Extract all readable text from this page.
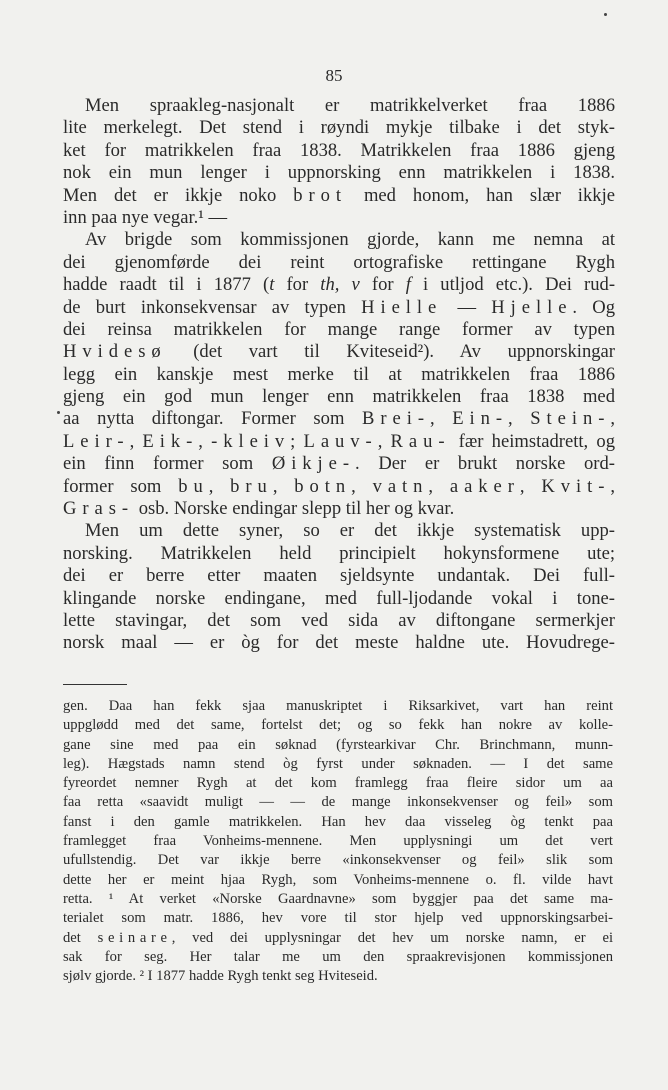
85
Men spraakleg-nasjonalt er matrikkelverket fraa 1886
lite merkelegt. Det stend i røyndi mykje tilbake i det styk-
ket for matrikkelen fraa 1838. Matrikkelen fraa 1886 gjeng
nok ein mun lenger i uppnorsking enn matrikkelen i 1838.
Men det er ikkje noko brot med honom, han slær ikkje
inn paa nye vegar.¹ —
Av brigde som kommissjonen gjorde, kann me nemna at
dei gjenomførde dei reint ortografiske rettingane Rygh
hadde raadt til i 1877 (t for th, v for f i utljod etc.). Dei rud-
de burt inkonsekvensar av typen Hielle — Hjelle. Og
dei reinsa matrikkelen for mange range former av typen
Hvidesø (det vart til Kviteseid²). Av uppnorskingar
legg ein kanskje mest merke til at matrikkelen fraa 1886
gjeng ein god mun lenger enn matrikkelen fraa 1838 med
aa nytta diftongar. Former som Brei-, Ein-, Stein-,
Leir-, Eik-, -kleiv; Lauv-, Rau- fær heimstadrett, og
ein finn former som Øikje-. Der er brukt norske ord-
former som bu, bru, botn, vatn, aaker, Kvit-,
Gras- osb. Norske endingar slepp til her og kvar.
Men um dette syner, so er det ikkje systematisk upp-
norsking. Matrikkelen held principielt hokynsformene ute;
dei er berre etter maaten sjeldsynte undantak. Dei full-
klingande norske endingane, med full-ljodande vokal i tone-
lette stavingar, det som ved sida av diftongane sermerkjer
norsk maal — er òg for det meste haldne ute. Hovudrege-
gen. Daa han fekk sjaa manuskriptet i Riksarkivet, vart han reint
uppglødd med det same, fortelst det; og so fekk han nokre av kolle-
gane sine med paa ein søknad (fyrstearkivar Chr. Brinchmann, munn-
leg). Hægstads namn stend òg fyrst under søknaden. — I det same
fyreordet nemner Rygh at det kom framlegg fraa fleire sidor um aa
faa retta «saavidt muligt — — de mange inkonsekvenser og feil» som
fanst i den gamle matrikkelen. Han hev daa visseleg òg tenkt paa
framlegget fraa Vonheims-mennene. Men upplysningi um det vert
ufullstendig. Det var ikkje berre «inkonsekvenser og feil» slik som
dette her er meint hjaa Rygh, som Vonheims-mennene o. fl. vilde havt
retta. ¹ At verket «Norske Gaardnavne» som byggjer paa det same ma-
terialet som matr. 1886, hev vore til stor hjelp ved uppnorskingsarbei-
det seinare, ved dei upplysningar det hev um norske namn, er ei
sak for seg. Her talar me um den spraakrevisjonen kommissjonen
sjølv gjorde. ² I 1877 hadde Rygh tenkt seg Hviteseid.
